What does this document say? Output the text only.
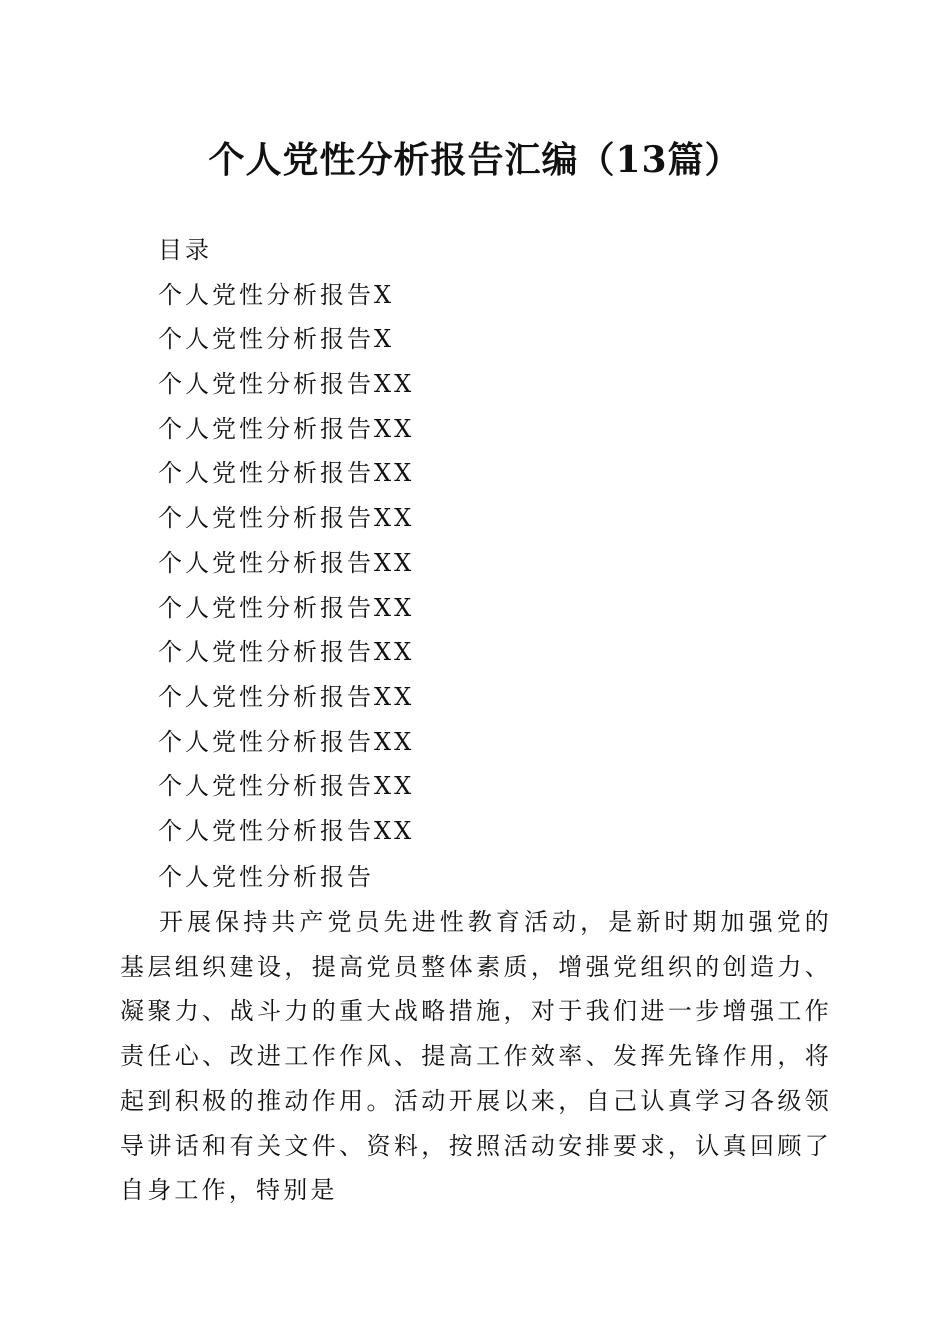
个人党性分析报告汇编（13篇）
目录
个人党性分析报告X
个人党性分析报告X
个人党性分析报告XX
个人党性分析报告XX
个人党性分析报告XX
个人党性分析报告XX
个人党性分析报告XX
个人党性分析报告XX
个人党性分析报告XX
个人党性分析报告XX
个人党性分析报告XX
个人党性分析报告XX
个人党性分析报告XX
个人党性分析报告

开展保持共产党员先进性教育活动，是新时期加强党的基层组织建设，提高党员整体素质，增强党组织的创造力、凝聚力、战斗力的重大战略措施，对于我们进一步增强工作责任心、改进工作作风、提高工作效率、发挥先锋作用，将起到积极的推动作用。活动开展以来，自己认真学习各级领导讲话和有关文件、资料，按照活动安排要求，认真回顾了自身工作，特别是
